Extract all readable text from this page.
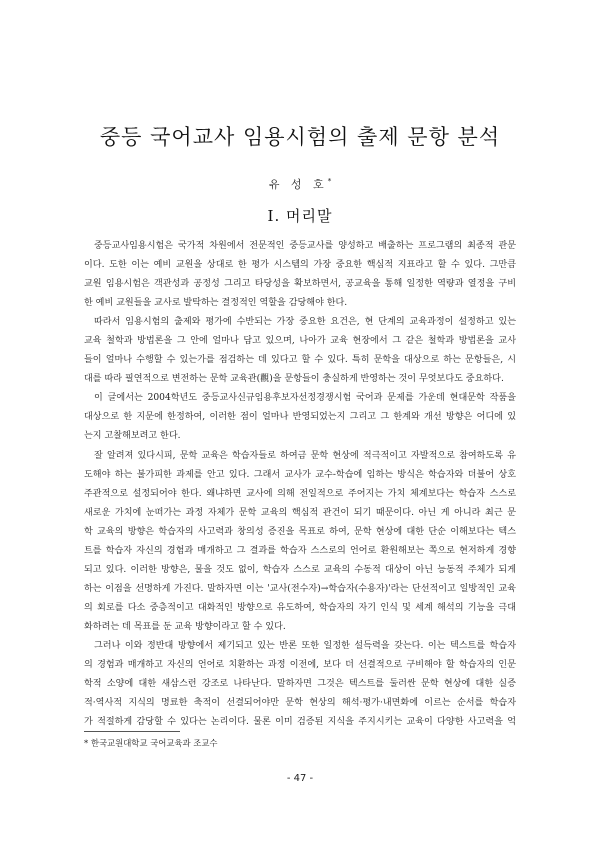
중등 국어교사 임용시험의 출제 문항 분석
유 성 호*
Ⅰ. 머리말
중등교사임용시험은 국가적 차원에서 전문적인 중등교사를 양성하고 배출하는 프로그램의 최종적 관문
이다. 도한 이는 예비 교원을 상대로 한 평가 시스템의 가장 중요한 핵심적 지표라고 할 수 있다. 그만큼
교원 임용시험은 객관성과 공정성 그리고 타당성을 확보하면서, 공교육을 통해 일정한 역량과 열정을 구비
한 예비 교원들을 교사로 발탁하는 결정적인 역할을 감당해야 한다.
따라서 임용시험의 출제와 평가에 수반되는 가장 중요한 요건은, 현 단계의 교육과정이 설정하고 있는
교육 철학과 방법론을 그 안에 얼마나 담고 있으며, 나아가 교육 현장에서 그 같은 철학과 방법론을 교사
들이 얼마나 수행할 수 있는가를 점검하는 데 있다고 할 수 있다. 특히 문학을 대상으로 하는 문항들은, 시
대를 따라 필연적으로 변전하는 문학 교육관(觀)을 문항들이 충실하게 반영하는 것이 무엇보다도 중요하다.
이 글에서는 2004학년도 중등교사신규임용후보자선정경쟁시험 국어과 문제를 가운데 현대문학 작품을
대상으로 한 지문에 한정하여, 이러한 점이 얼마나 반영되었는지 그리고 그 한계와 개선 방향은 어디에 있
는지 고찰해보려고 한다.
잘 알려져 있다시피, 문학 교육은 학습자들로 하여금 문학 현상에 적극적이고 자발적으로 참여하도록 유
도해야 하는 불가피한 과제를 안고 있다. 그래서 교사가 교수-학습에 임하는 방식은 학습자와 더불어 상호
주관적으로 설정되어야 한다. 왜냐하면 교사에 의해 전일적으로 주어지는 가치 체계보다는 학습자 스스로
새로운 가치에 눈떠가는 과정 자체가 문학 교육의 핵심적 관건이 되기 때문이다. 아닌 게 아니라 최근 문
학 교육의 방향은 학습자의 사고력과 창의성 증진을 목표로 하여, 문학 현상에 대한 단순 이해보다는 텍스
트를 학습자 자신의 경험과 매개하고 그 결과를 학습자 스스로의 언어로 환원해보는 쪽으로 현저하게 경향
되고 있다. 이러한 방향은, 물을 것도 없이, 학습자 스스로 교육의 수동적 대상이 아닌 능동적 주체가 되게
하는 이점을 선명하게 가진다. 말하자면 이는 '교사(전수자)→학습자(수용자)'라는 단선적이고 일방적인 교육
의 회로를 다소 중층적이고 대화적인 방향으로 유도하여, 학습자의 자기 인식 및 세계 해석의 기능을 극대
화하려는 데 목표를 둔 교육 방향이라고 할 수 있다.
그러나 이와 정반대 방향에서 제기되고 있는 반론 또한 일정한 설득력을 갖는다. 이는 텍스트를 학습자
의 경험과 매개하고 자신의 언어로 치환하는 과정 이전에, 보다 더 선결적으로 구비해야 할 학습자의 인문
학적 소양에 대한 새삼스런 강조로 나타난다. 말하자면 그것은 텍스트를 둘러싼 문학 현상에 대한 실증
적·역사적 지식의 명료한 축적이 선결되어야만 문학 현상의 해석·평가·내면화에 이르는 순서를 학습자
가 적절하게 감당할 수 있다는 논리이다. 물론 이미 검증된 지식을 주지시키는 교육이 다양한 사고력을 억
* 한국교원대학교 국어교육과 조교수
- 47 -
